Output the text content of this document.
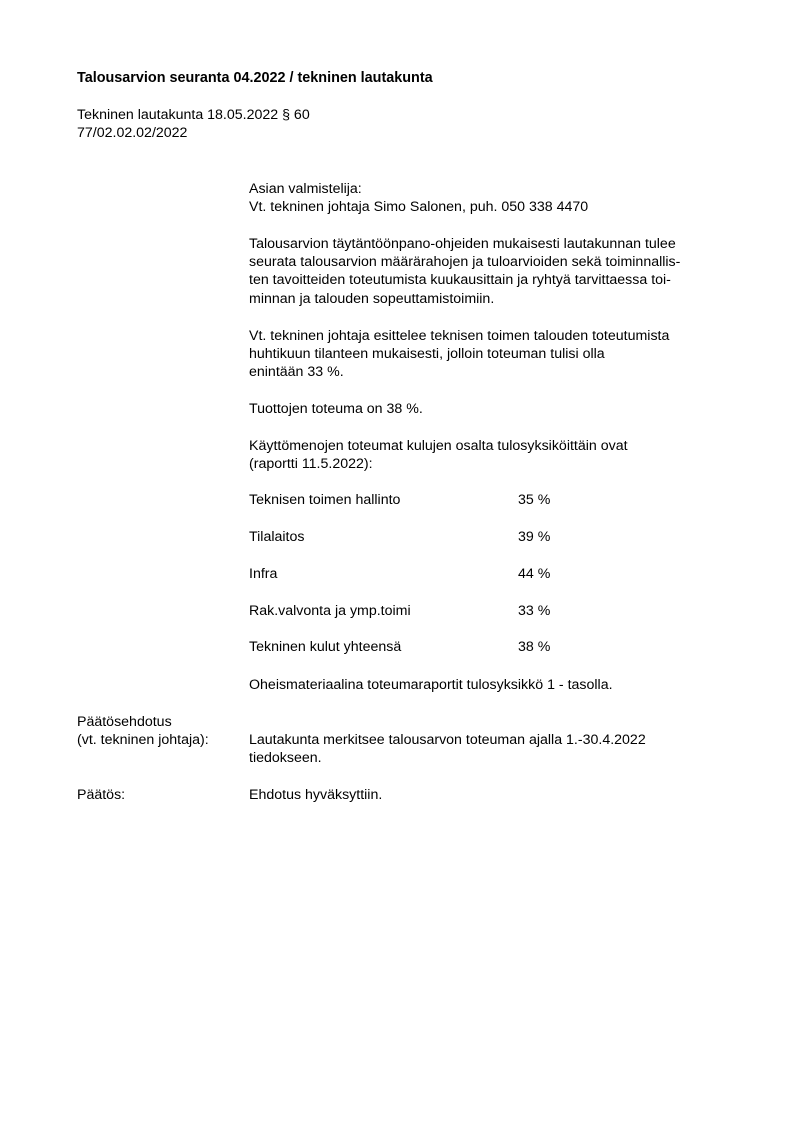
Talousarvion seuranta 04.2022 / tekninen lautakunta
Tekninen lautakunta 18.05.2022 § 60
77/02.02.02/2022
Asian valmistelija:
Vt. tekninen johtaja Simo Salonen, puh. 050 338 4470
Talousarvion täytäntöönpano-ohjeiden mukaisesti lautakunnan tulee
seurata talousarvion määrärahojen ja tuloarvioiden sekä toiminnallis-
ten tavoitteiden toteutumista kuukausittain ja ryhtyä tarvittaessa toi-
minnan ja talouden sopeuttamistoimiin.
Vt. tekninen johtaja esittelee teknisen toimen talouden toteutumista
huhtikuun tilanteen mukaisesti, jolloin toteuman tulisi olla
enintään 33 %.
Tuottojen toteuma on 38 %.
Käyttömenojen toteumat kulujen osalta tulosyksiköittäin ovat
(raportti 11.5.2022):
Teknisen toimen hallinto	35 %
Tilalaitos	39 %
Infra	44 %
Rak.valvonta ja ymp.toimi	33 %
Tekninen kulut yhteensä	38 %
Oheismateriaalina toteumaraportit tulosyksikkö 1 - tasolla.
Päätösehdotus
(vt. tekninen johtaja):	Lautakunta merkitsee talousarvon toteuman ajalla 1.-30.4.2022
tiedokseen.
Päätös:	Ehdotus hyväksyttiin.
